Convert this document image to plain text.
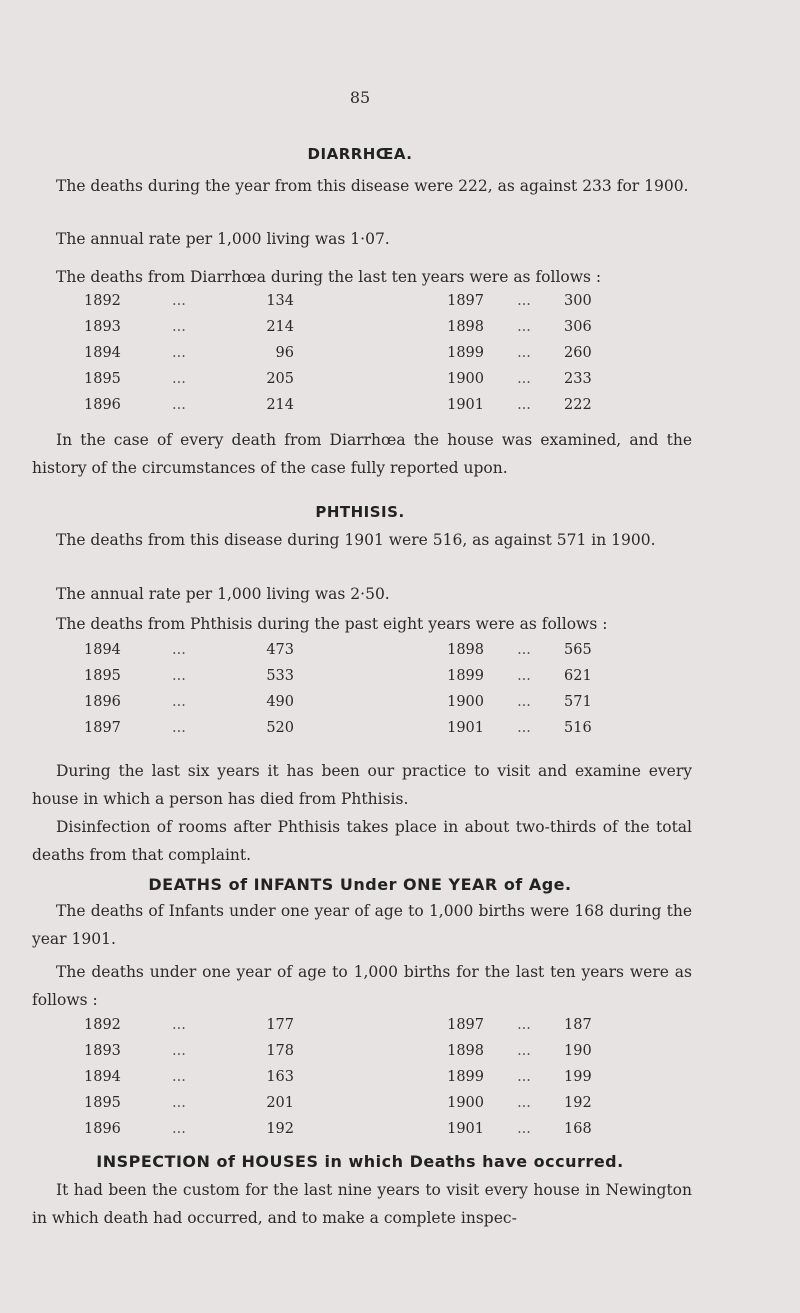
85
DIARRHŒA.
The deaths during the year from this disease were 222, as against 233 for 1900.
The annual rate per 1,000 living was 1·07.
The deaths from Diarrhœa during the last ten years were as follows :
1892	...	134	1897	...	300
1893	...	214	1898	...	306
1894	...	96	1899	...	260
1895	...	205	1900	...	233
1896	...	214	1901	...	222
In the case of every death from Diarrhœa the house was examined, and the history of the circumstances of the case fully reported upon.
PHTHISIS.
The deaths from this disease during 1901 were 516, as against 571 in 1900.
The annual rate per 1,000 living was 2·50.
The deaths from Phthisis during the past eight years were as follows :
1894	...	473	1898	...	565
1895	...	533	1899	...	621
1896	...	490	1900	...	571
1897	...	520	1901	...	516
During the last six years it has been our practice to visit and examine every house in which a person has died from Phthisis.
Disinfection of rooms after Phthisis takes place in about two-thirds of the total deaths from that complaint.
DEATHS of INFANTS Under ONE YEAR of Age.
The deaths of Infants under one year of age to 1,000 births were 168 during the year 1901.
The deaths under one year of age to 1,000 births for the last ten years were as follows :
1892	...	177	1897	...	187
1893	...	178	1898	...	190
1894	...	163	1899	...	199
1895	...	201	1900	...	192
1896	...	192	1901	...	168
INSPECTION of HOUSES in which Deaths have occurred.
It had been the custom for the last nine years to visit every house in Newington in which death had occurred, and to make a complete inspec-
